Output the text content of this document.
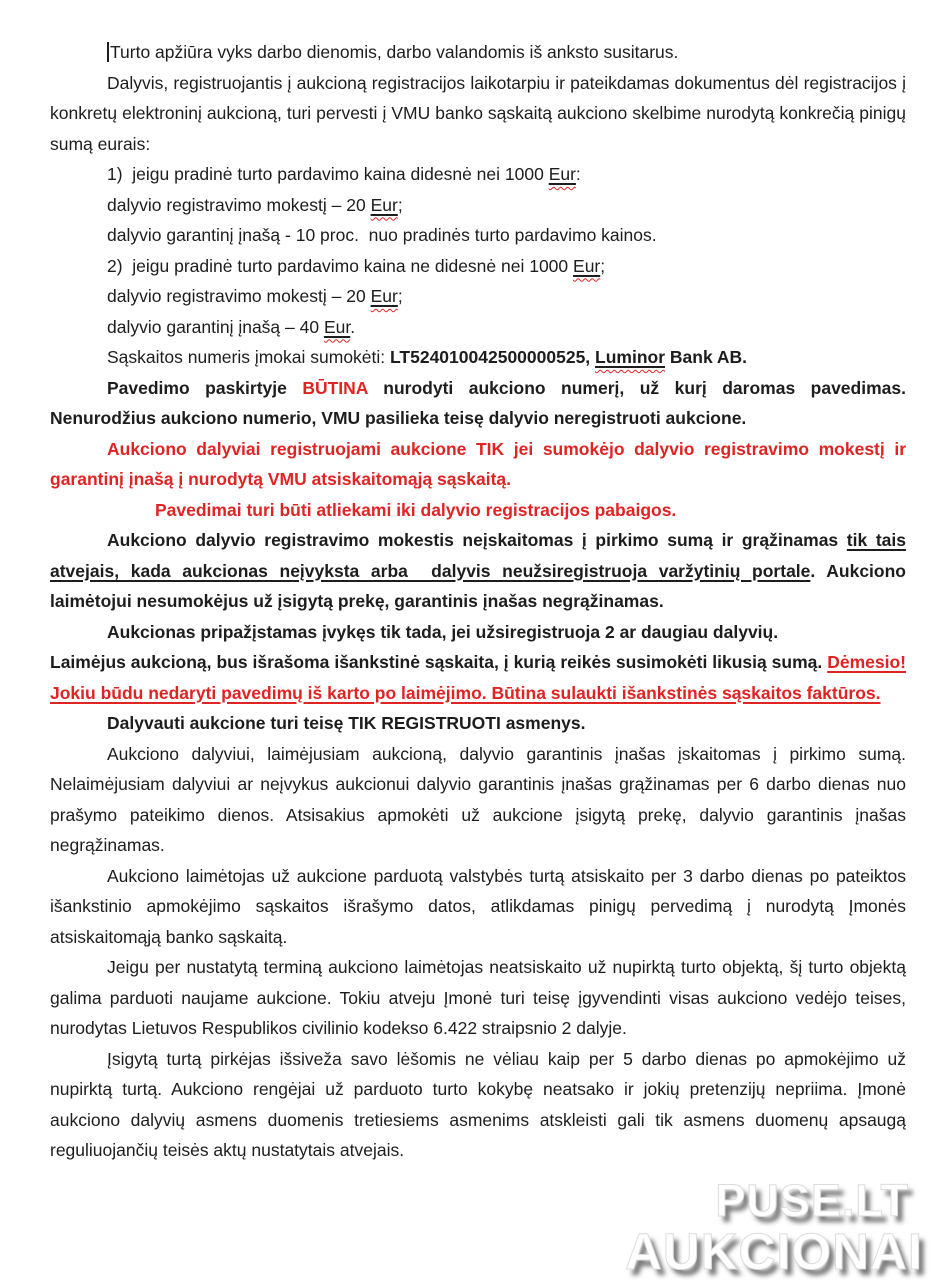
Turto apžiūra vyks darbo dienomis, darbo valandomis iš anksto susitarus.

Dalyvis, registruojantis į aukcioną registracijos laikotarpiu ir pateikdamas dokumentus dėl registracijos į konkretų elektroninį aukcioną, turi pervesti į VMU banko sąskaitą aukciono skelbime nurodytą konkrečią pinigų sumą eurais:

1)  jeigu pradinė turto pardavimo kaina didesnė nei 1000 Eur:

dalyvio registravimo mokestį – 20 Eur;

dalyvio garantinį įnašą - 10 proc.  nuo pradinės turto pardavimo kainos.

2)  jeigu pradinė turto pardavimo kaina ne didesnė nei 1000 Eur;

dalyvio registravimo mokestį – 20 Eur;

dalyvio garantinį įnašą – 40 Eur.

Sąskaitos numeris įmokai sumokėti: LT524010042500000525, Luminor Bank AB.

Pavedimo paskirtyje BŪTINA nurodyti aukciono numerį, už kurį daromas pavedimas. Nenurodžius aukciono numerio, VMU pasilieka teisę dalyvio neregistruoti aukcione.

Aukciono dalyviai registruojami aukcione TIK jei sumokėjo dalyvio registravimo mokestį ir garantinį įnašą į nurodytą VMU atsiskaitomąją sąskaitą.

Pavedimai turi būti atliekami iki dalyvio registracijos pabaigos.

Aukciono dalyvio registravimo mokestis neįskaitomas į pirkimo sumą ir grąžinamas tik tais atvejais, kada aukcionas neįvyksta arba  dalyvis neužsiregistruoja varžytinių portale. Aukciono laimėtojui nesumokėjus už įsigytą prekę, garantinis įnašas negrąžinamas.

Aukcionas pripažįstamas įvykęs tik tada, jei užsiregistruoja 2 ar daugiau dalyvių.

Laimėjus aukcioną, bus išrašoma išankstinė sąskaita, į kurią reikės susimokėti likusią sumą. Dėmesio! Jokiu būdu nedaryti pavedimų iš karto po laimėjimo. Būtina sulaukti išankstinės sąskaitos faktūros.

Dalyvauti aukcione turi teisę TIK REGISTRUOTI asmenys.

Aukciono dalyviui, laimėjusiam aukcioną, dalyvio garantinis įnašas įskaitomas į pirkimo sumą. Nelaimėjusiam dalyviui ar neįvykus aukcionui dalyvio garantinis įnašas grąžinamas per 6 darbo dienas nuo prašymo pateikimo dienos. Atsisakius apmokėti už aukcione įsigytą prekę, dalyvio garantinis įnašas negrąžinamas.

Aukciono laimėtojas už aukcione parduotą valstybės turtą atsiskaito per 3 darbo dienas po pateiktos išankstinio apmokėjimo sąskaitos išrašymo datos, atlikdamas pinigų pervedimą į nurodytą Įmonės atsiskaitomąją banko sąskaitą.

Jeigu per nustatytą terminą aukciono laimėtojas neatsiskaito už nupirktą turto objektą, šį turto objektą galima parduoti naujame aukcione. Tokiu atveju Įmonė turi teisę įgyvendinti visas aukciono vedėjo teises, nurodytas Lietuvos Respublikos civilinio kodekso 6.422 straipsnio 2 dalyje.

Įsigytą turtą pirkėjas išsiveža savo lėšomis ne vėliau kaip per 5 darbo dienas po apmokėjimo už nupirktą turtą. Aukciono rengėjai už parduoto turto kokybę neatsako ir jokių pretenzijų nepriima. Įmonė aukciono dalyvių asmens duomenis tretiesiems asmenims atskleisti gali tik asmens duomenų apsaugą reguliuojančių teisės aktų nustatytais atvejais.

PUSE.LT
AUKCIONAI
